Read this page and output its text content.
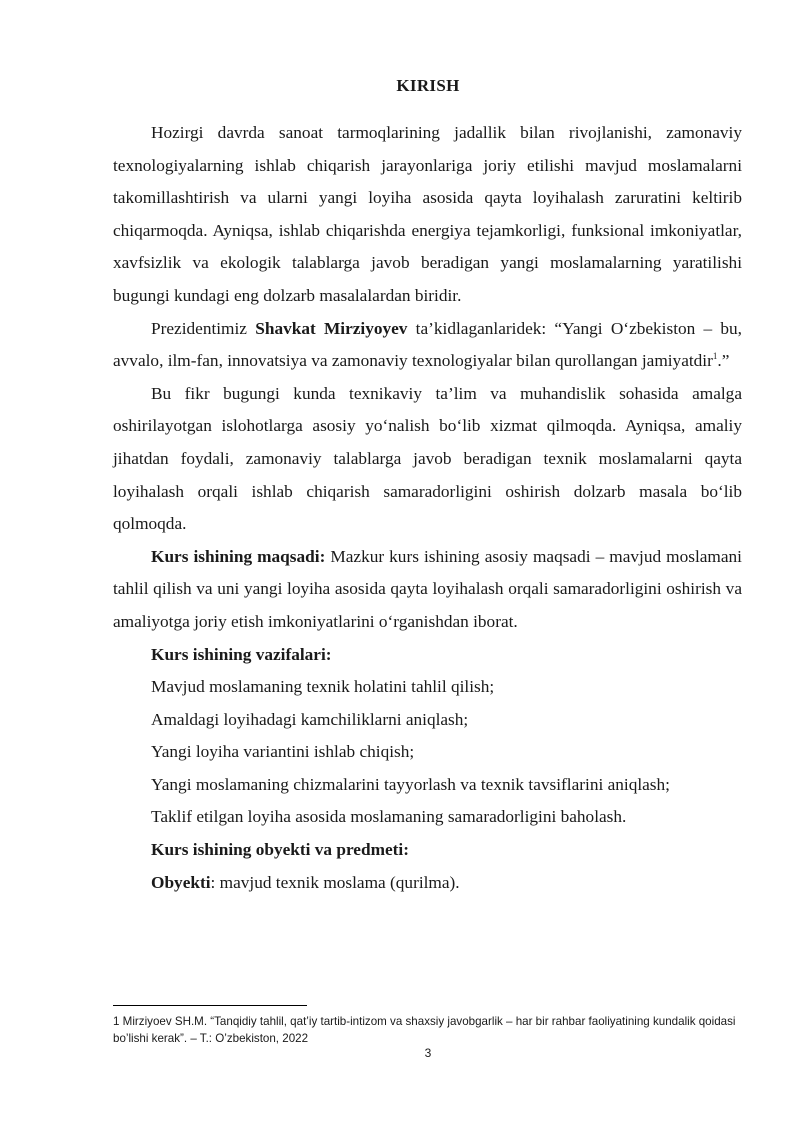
KIRISH

Hozirgi davrda sanoat tarmoqlarining jadallik bilan rivojlanishi, zamonaviy texnologiyalarning ishlab chiqarish jarayonlariga joriy etilishi mavjud moslamalarni takomillashtirish va ularni yangi loyiha asosida qayta loyihalash zaruratini keltirib chiqarmoqda. Ayniqsa, ishlab chiqarishda energiya tejamkorligi, funksional imkoniyatlar, xavfsizlik va ekologik talablarga javob beradigan yangi moslamalarning yaratilishi bugungi kundagi eng dolzarb masalalardan biridir.

Prezidentimiz Shavkat Mirziyoyev ta’kidlaganlaridek: “Yangi O‘zbekiston – bu, avvalo, ilm-fan, innovatsiya va zamonaviy texnologiyalar bilan qurollangan jamiyatdir$^1$.”

Bu fikr bugungi kunda texnikaviy ta’lim va muhandislik sohasida amalga oshirilayotgan islohotlarga asosiy yo‘nalish bo‘lib xizmat qilmoqda. Ayniqsa, amaliy jihatdan foydali, zamonaviy talablarga javob beradigan texnik moslamalarni qayta loyihalash orqali ishlab chiqarish samaradorligini oshirish dolzarb masala bo‘lib qolmoqda.

Kurs ishining maqsadi: Mazkur kurs ishining asosiy maqsadi – mavjud moslamani tahlil qilish va uni yangi loyiha asosida qayta loyihalash orqali samaradorligini oshirish va amaliyotga joriy etish imkoniyatlarini o‘rganishdan iborat.

Kurs ishining vazifalari:

Mavjud moslamaning texnik holatini tahlil qilish;

Amaldagi loyihadagi kamchiliklarni aniqlash;

Yangi loyiha variantini ishlab chiqish;

Yangi moslamaning chizmalarini tayyorlash va texnik tavsiflarini aniqlash;

Taklif etilgan loyiha asosida moslamaning samaradorligini baholash.

Kurs ishining obyekti va predmeti:

Obyekti: mavjud texnik moslama (qurilma).

1 Mirziyoev SH.M. “Tanqidiy tahlil, qat’iy tartib-intizom va shaxsiy javobgarlik – har bir rahbar faoliyatining kundalik qoidasi bo’lishi kerak”. – T.: O’zbekiston, 2022
3
